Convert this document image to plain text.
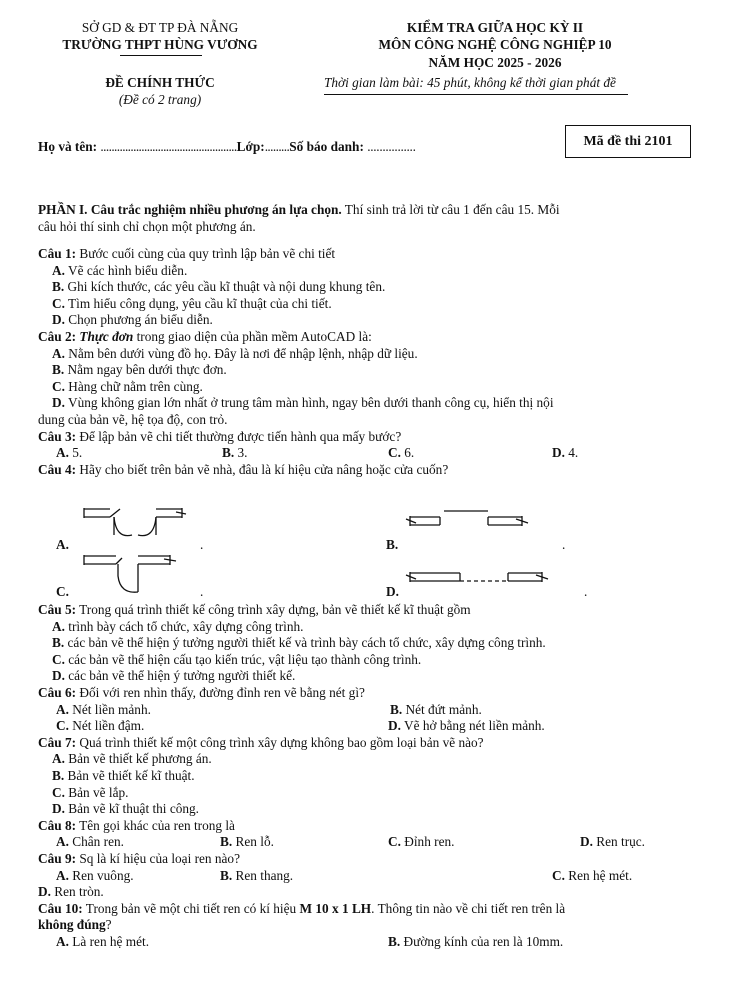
SỞ GD & ĐT TP ĐÀ NẴNG
TRƯỜNG THPT HÙNG VƯƠNG
KIỂM TRA GIỮA HỌC KỲ II
MÔN CÔNG NGHỆ CÔNG NGHIỆP 10
NĂM HỌC 2025 - 2026
ĐỀ CHÍNH THỨC
(Đề có 2 trang)
Thời gian làm bài: 45 phút, không kể thời gian phát đề
Họ và tên: ..................................................Lớp:.........Số báo danh: ................	Mã đề thi 2101
PHẦN I. Câu trắc nghiệm nhiều phương án lựa chọn. Thí sinh trả lời từ câu 1 đến câu 15. Mỗi
câu hỏi thí sinh chỉ chọn một phương án.
Câu 1: Bước cuối cùng của quy trình lập bản vẽ chi tiết
A. Vẽ các hình biểu diễn.
B. Ghi kích thước, các yêu cầu kĩ thuật và nội dung khung tên.
C. Tìm hiểu công dụng, yêu cầu kĩ thuật của chi tiết.
D. Chọn phương án biểu diễn.
Câu 2: Thực đơn trong giao diện của phần mềm AutoCAD là:
A. Nằm bên dưới vùng đồ họ. Đây là nơi để nhập lệnh, nhập dữ liệu.
B. Nằm ngay bên dưới thực đơn.
C. Hàng chữ nằm trên cùng.
D. Vùng không gian lớn nhất ở trung tâm màn hình, ngay bên dưới thanh công cụ, hiển thị nội
dung của bản vẽ, hệ tọa độ, con trỏ.
Câu 3: Để lập bản vẽ chi tiết thường được tiến hành qua mấy bước?
A. 5.	B. 3.	C. 6.	D. 4.
Câu 4: Hãy cho biết trên bản vẽ nhà, đâu là kí hiệu cửa nâng hoặc cửa cuốn?
A.	.	B.	.
C.	.	D.	.
Câu 5: Trong quá trình thiết kế công trình xây dựng, bản vẽ thiết kế kĩ thuật gồm
A. trình bày cách tổ chức, xây dựng công trình.
B. các bản vẽ thể hiện ý tưởng người thiết kế và trình bày cách tổ chức, xây dựng công trình.
C. các bản vẽ thể hiện cấu tạo kiến trúc, vật liệu tạo thành công trình.
D. các bản vẽ thể hiện ý tưởng người thiết kế.
Câu 6: Đối với ren nhìn thấy, đường đỉnh ren vẽ bằng nét gì?
A. Nét liền mảnh.	B. Nét đứt mảnh.
C. Nét liền đậm.	D. Vẽ hở bằng nét liền mảnh.
Câu 7: Quá trình thiết kế một công trình xây dựng không bao gồm loại bản vẽ nào?
A. Bản vẽ thiết kế phương án.
B. Bản vẽ thiết kế kĩ thuật.
C. Bản vẽ lắp.
D. Bản vẽ kĩ thuật thi công.
Câu 8: Tên gọi khác của ren trong là
A. Chân ren.	B. Ren lỗ.	C. Đỉnh ren.	D. Ren trục.
Câu 9: Sq là kí hiệu của loại ren nào?
A. Ren vuông.	B. Ren thang.	C. Ren hệ mét.
D. Ren tròn.
Câu 10: Trong bản vẽ một chi tiết ren có kí hiệu M 10 x 1 LH. Thông tin nào về chi tiết ren trên là
không đúng?
A. Là ren hệ mét.	B. Đường kính của ren là 10mm.
